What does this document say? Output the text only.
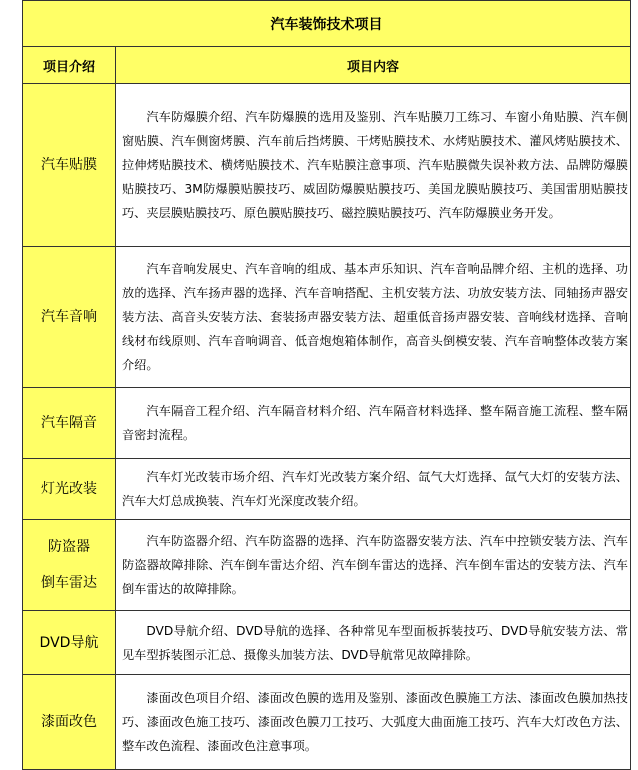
汽车装饰技术项目	
项目介绍	项目内容
汽车贴膜	汽车防爆膜介绍、汽车防爆膜的选用及鉴别、汽车贴膜刀工练习、车窗小角贴膜、汽车侧窗贴膜、汽车侧窗烤膜、汽车前后挡烤膜、干烤贴膜技术、水烤贴膜技术、灌风烤贴膜技术、拉伸烤贴膜技术、横烤贴膜技术、汽车贴膜注意事项、汽车贴膜微失误补救方法、品牌防爆膜贴膜技巧、3M防爆膜贴膜技巧、威固防爆膜贴膜技巧、美国龙膜贴膜技巧、美国雷朋贴膜技巧、夹层膜贴膜技巧、原色膜贴膜技巧、磁控膜贴膜技巧、汽车防爆膜业务开发。

汽车音响	汽车音响发展史、汽车音响的组成、基本声乐知识、汽车音响品牌介绍、主机的选择、功放的选择、汽车扬声器的选择、汽车音响搭配、主机安装方法、功放安装方法、同轴扬声器安装方法、高音头安装方法、套装扬声器安装方法、超重低音扬声器安装、音响线材选择、音响线材布线原则、汽车音响调音、低音炮炮箱体制作，高音头倒模安装、汽车音响整体改装方案介绍。

汽车隔音	汽车隔音工程介绍、汽车隔音材料介绍、汽车隔音材料选择、整车隔音施工流程、整车隔音密封流程。

灯光改装	汽车灯光改装市场介绍、汽车灯光改装方案介绍、氙气大灯选择、氙气大灯的安装方法、汽车大灯总成换装、汽车灯光深度改装介绍。

防盗器
倒车雷达	汽车防盗器介绍、汽车防盗器的选择、汽车防盗器安装方法、汽车中控锁安装方法、汽车防盗器故障排除、汽车倒车雷达介绍、汽车倒车雷达的选择、汽车倒车雷达的安装方法、汽车倒车雷达的故障排除。

DVD导航	DVD导航介绍、DVD导航的选择、各种常见车型面板拆装技巧、DVD导航安装方法、常见车型拆装图示汇总、摄像头加装方法、DVD导航常见故障排除。

漆面改色	漆面改色项目介绍、漆面改色膜的选用及鉴别、漆面改色膜施工方法、漆面改色膜加热技巧、漆面改色施工技巧、漆面改色膜刀工技巧、大弧度大曲面施工技巧、汽车大灯改色方法、整车改色流程、漆面改色注意事项。
